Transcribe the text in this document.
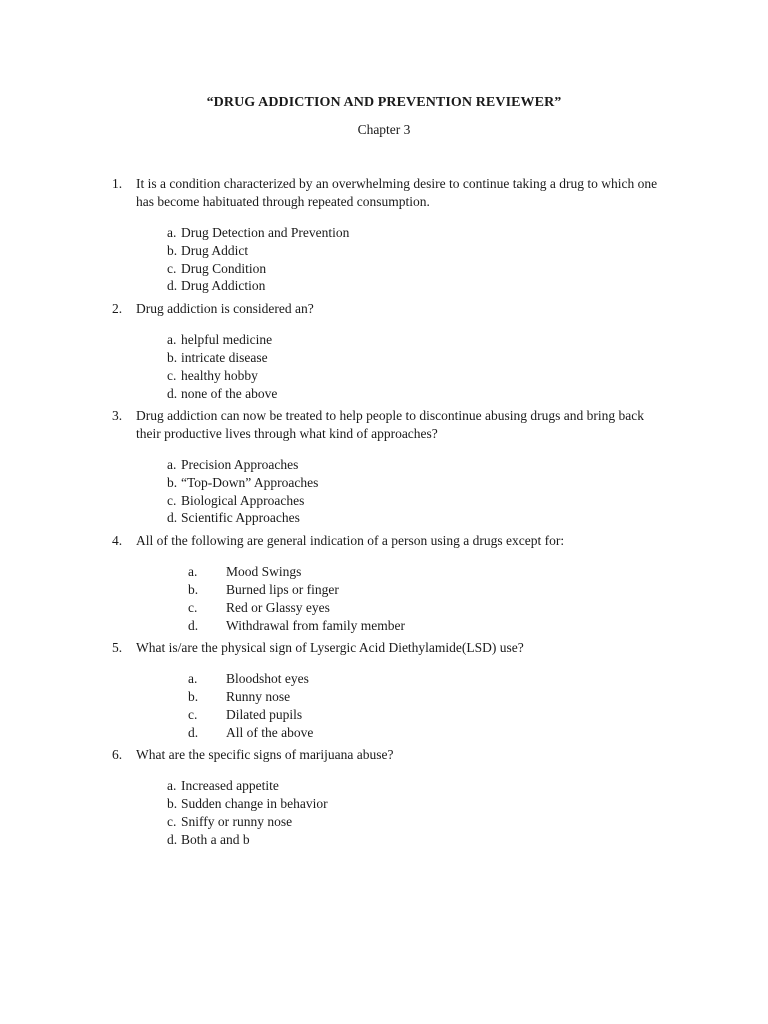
“DRUG ADDICTION AND PREVENTION REVIEWER”
Chapter 3
1.	It is a condition characterized by an overwhelming desire to continue taking a drug to which one has become habituated through repeated consumption.
a. Drug Detection and Prevention
b. Drug Addict
c. Drug Condition
d. Drug Addiction
2.	Drug addiction is considered an?
a. helpful medicine
b. intricate disease
c. healthy hobby
d. none of the above
3.	Drug addiction can now be treated to help people to discontinue abusing drugs and bring back their productive lives through what kind of approaches?
a. Precision Approaches
b. “Top-Down” Approaches
c. Biological Approaches
d. Scientific Approaches
4.	All of the following are general indication of a person using a drugs except for:
a.	Mood Swings
b.	Burned lips or finger
c.	Red or Glassy eyes
d.	Withdrawal from family member
5.	What is/are the physical sign of Lysergic Acid Diethylamide(LSD) use?
a.	Bloodshot eyes
b.	Runny nose
c.	Dilated pupils
d.	All of the above
6.	What are the specific signs of marijuana abuse?
a. Increased appetite
b. Sudden change in behavior
c. Sniffy or runny nose
d. Both a and b
